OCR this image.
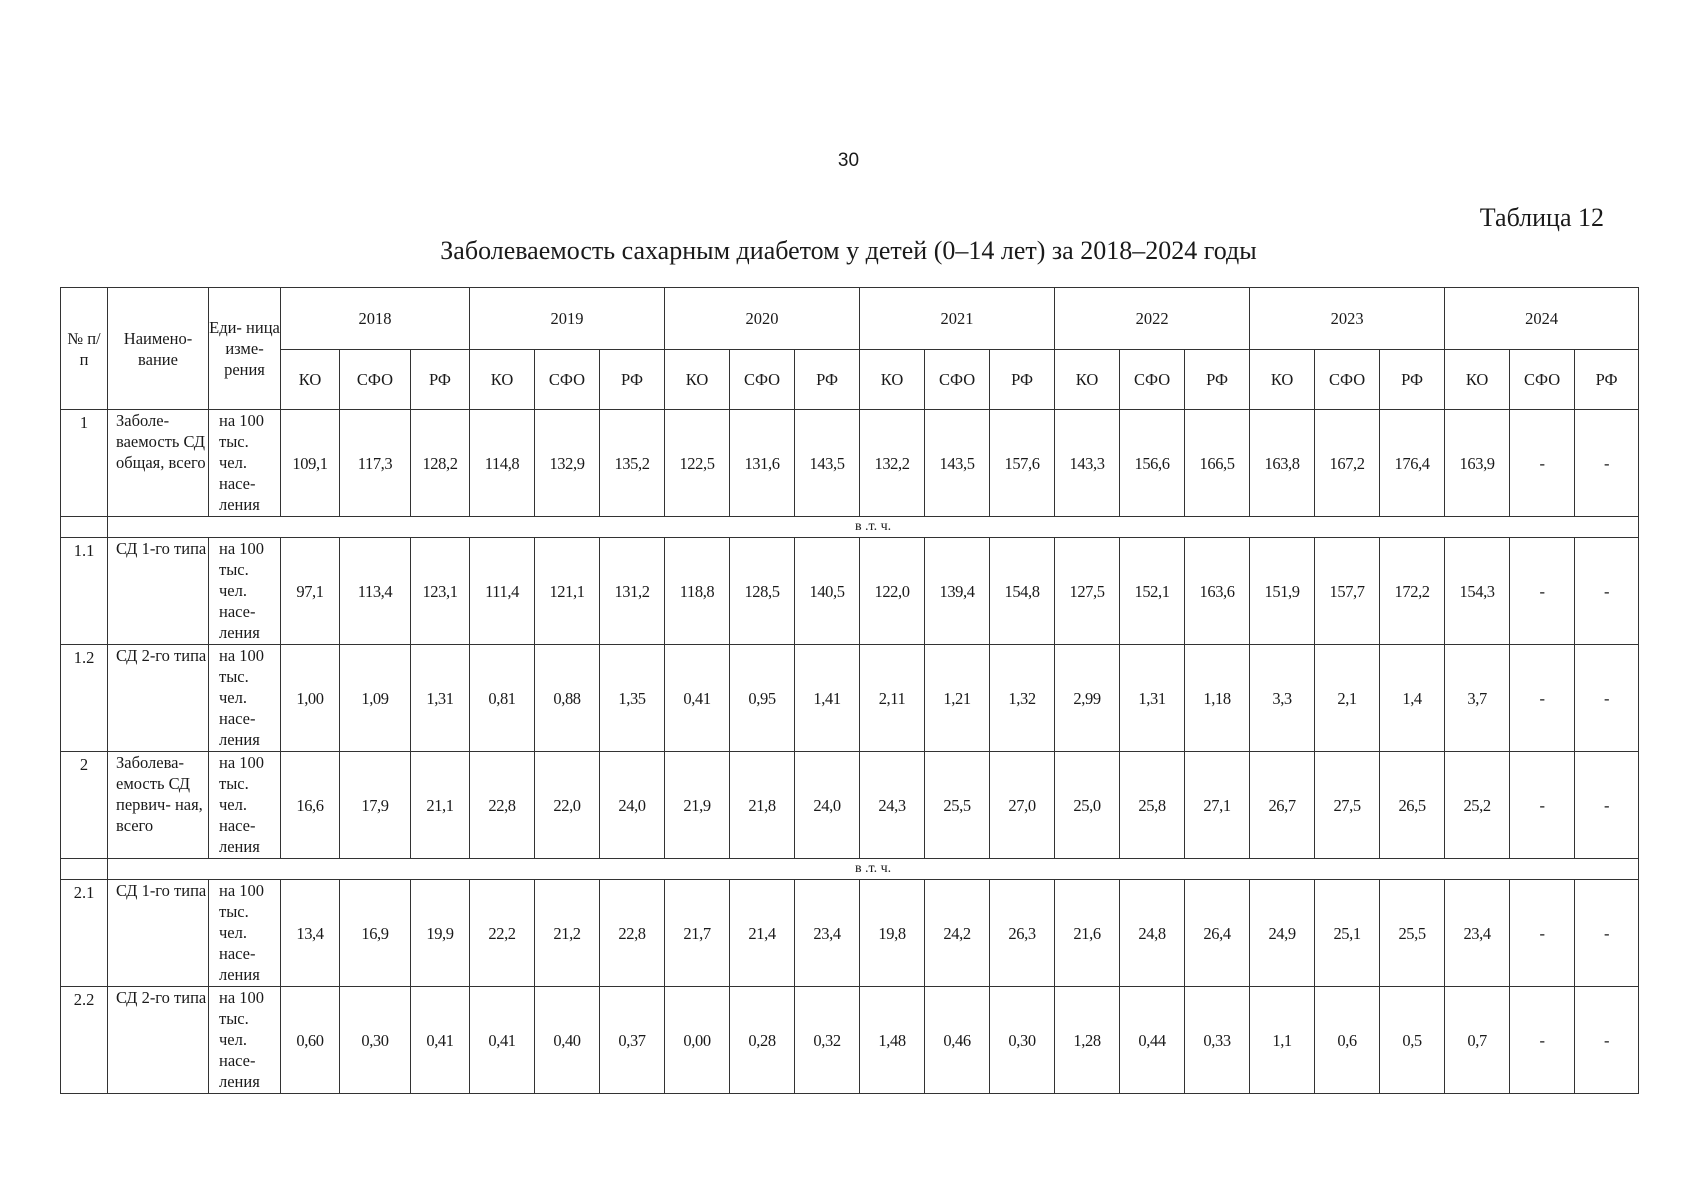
30
Таблица 12
Заболеваемость сахарным диабетом у детей (0–14 лет) за 2018–2024 годы
№ п/ п	Наимено- вание	Еди- ница изме- рения	2018			2019			2020			2021			2022			2023			2024		
			КО	СФО	РФ	КО	СФО	РФ	КО	СФО	РФ	КО	СФО	РФ	КО	СФО	РФ	КО	СФО	РФ	КО	СФО	РФ
1	Заболе- ваемость СД общая, всего	на 100 тыс. чел. насе- ления	109,1	117,3	128,2	114,8	132,9	135,2	122,5	131,6	143,5	132,2	143,5	157,6	143,3	156,6	166,5	163,8	167,2	176,4	163,9	-	-
	в .т. ч.																						
1.1	СД 1-го типа	на 100 тыс. чел. насе- ления	97,1	113,4	123,1	111,4	121,1	131,2	118,8	128,5	140,5	122,0	139,4	154,8	127,5	152,1	163,6	151,9	157,7	172,2	154,3	-	-
1.2	СД 2-го типа	на 100 тыс. чел. насе- ления	1,00	1,09	1,31	0,81	0,88	1,35	0,41	0,95	1,41	2,11	1,21	1,32	2,99	1,31	1,18	3,3	2,1	1,4	3,7	-	-
2	Заболева- емость СД первич- ная, всего	на 100 тыс. чел. насе- ления	16,6	17,9	21,1	22,8	22,0	24,0	21,9	21,8	24,0	24,3	25,5	27,0	25,0	25,8	27,1	26,7	27,5	26,5	25,2	-	-
	в .т. ч.																						
2.1	СД 1-го типа	на 100 тыс. чел. насе- ления	13,4	16,9	19,9	22,2	21,2	22,8	21,7	21,4	23,4	19,8	24,2	26,3	21,6	24,8	26,4	24,9	25,1	25,5	23,4	-	-
2.2	СД 2-го типа	на 100 тыс. чел. насе- ления	0,60	0,30	0,41	0,41	0,40	0,37	0,00	0,28	0,32	1,48	0,46	0,30	1,28	0,44	0,33	1,1	0,6	0,5	0,7	-	-
